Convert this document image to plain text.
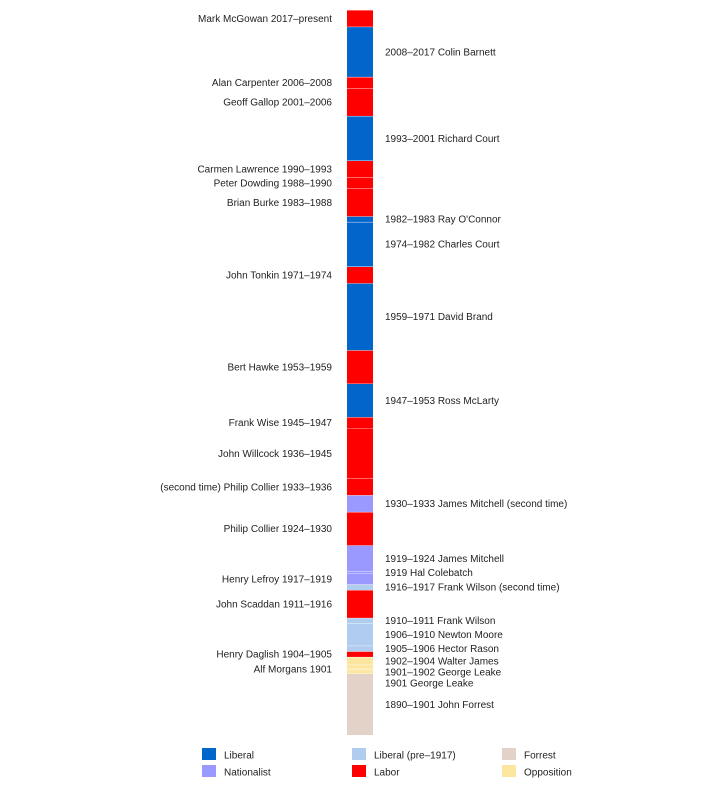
Mark McGowan 2017–present
Alan Carpenter 2006–2008
Geoff Gallop 2001–2006
Carmen Lawrence 1990–1993
Peter Dowding 1988–1990
Brian Burke 1983–1988
John Tonkin 1971–1974
Bert Hawke 1953–1959
Frank Wise 1945–1947
John Willcock 1936–1945
(second time) Philip Collier 1933–1936
Philip Collier 1924–1930
Henry Lefroy 1917–1919
John Scaddan 1911–1916
Henry Daglish 1904–1905
Alf Morgans 1901
2008–2017 Colin Barnett
1993–2001 Richard Court
1982–1983 Ray O'Connor
1974–1982 Charles Court
1959–1971 David Brand
1947–1953 Ross McLarty
1930–1933 James Mitchell (second time)
1919–1924 James Mitchell
1919 Hal Colebatch
1916–1917 Frank Wilson (second time)
1910–1911 Frank Wilson
1906–1910 Newton Moore
1905–1906 Hector Rason
1902–1904 Walter James
1901–1902 George Leake
1901 George Leake
1890–1901 John Forrest
Liberal
Nationalist
Liberal (pre–1917)
Labor
Forrest
Opposition
